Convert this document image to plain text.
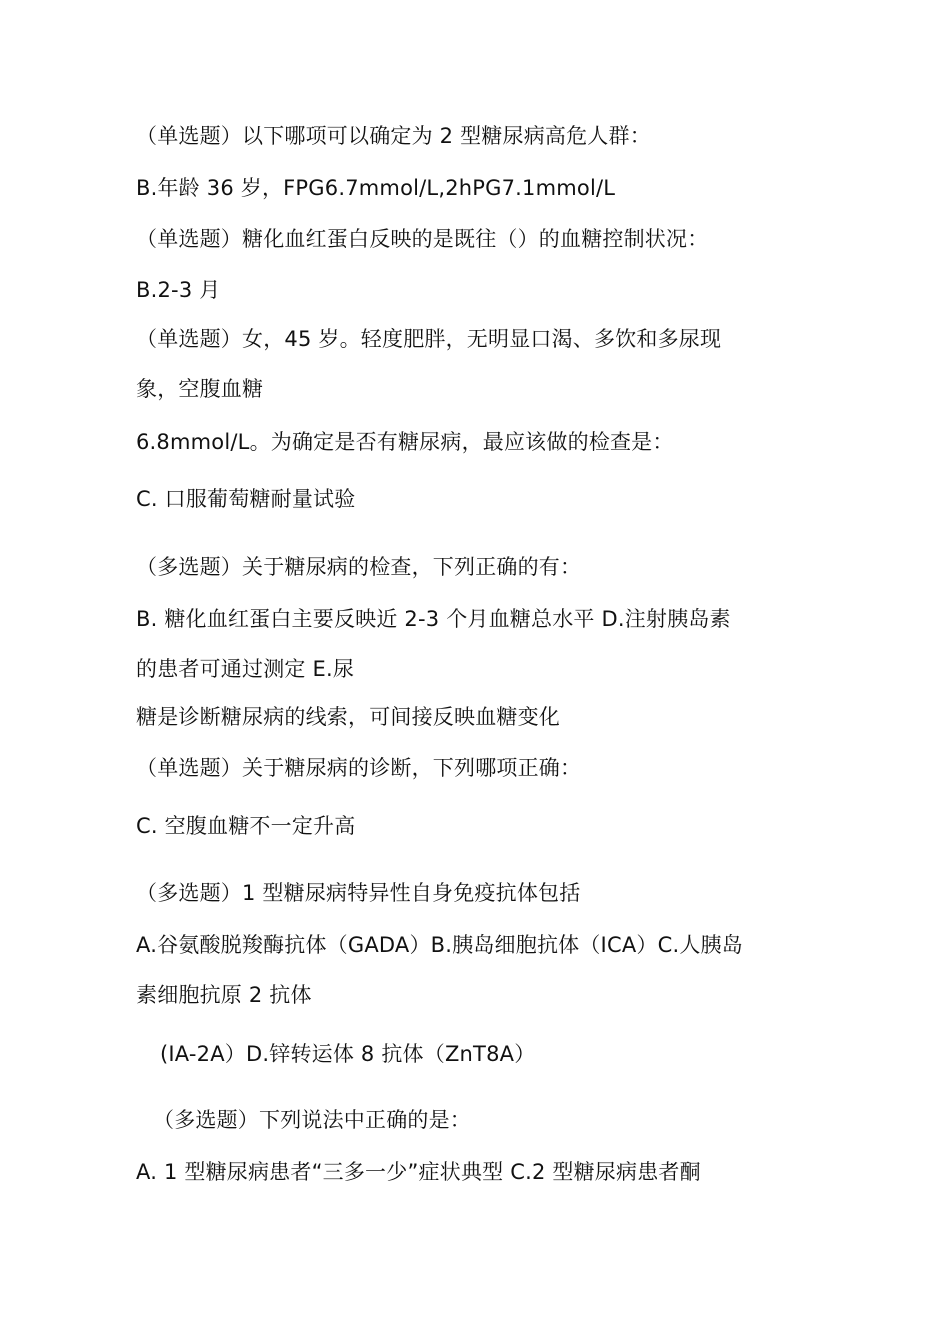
（单选题）以下哪项可以确定为 2 型糖尿病高危人群：
B.年龄 36 岁，FPG6.7mmol/L,2hPG7.1mmol/L
（单选题）糖化血红蛋白反映的是既往（）的血糖控制状况：
B.2-3 月
（单选题）女，45 岁。轻度肥胖，无明显口渴、多饮和多尿现
象，空腹血糖
6.8mmol/L。为确定是否有糖尿病，最应该做的检查是：
C. 口服葡萄糖耐量试验
（多选题）关于糖尿病的检查，下列正确的有：
B. 糖化血红蛋白主要反映近 2-3 个月血糖总水平 D.注射胰岛素
的患者可通过测定 E.尿
糖是诊断糖尿病的线索，可间接反映血糖变化
（单选题）关于糖尿病的诊断，下列哪项正确：
C. 空腹血糖不一定升高
（多选题）1 型糖尿病特异性自身免疫抗体包括
A.谷氨酸脱羧酶抗体（GADA）B.胰岛细胞抗体（ICA）C.人胰岛
素细胞抗原 2 抗体
(IA-2A）D.锌转运体 8 抗体（ZnT8A）
（多选题）下列说法中正确的是：
A. 1 型糖尿病患者“三多一少”症状典型 C.2 型糖尿病患者酮
